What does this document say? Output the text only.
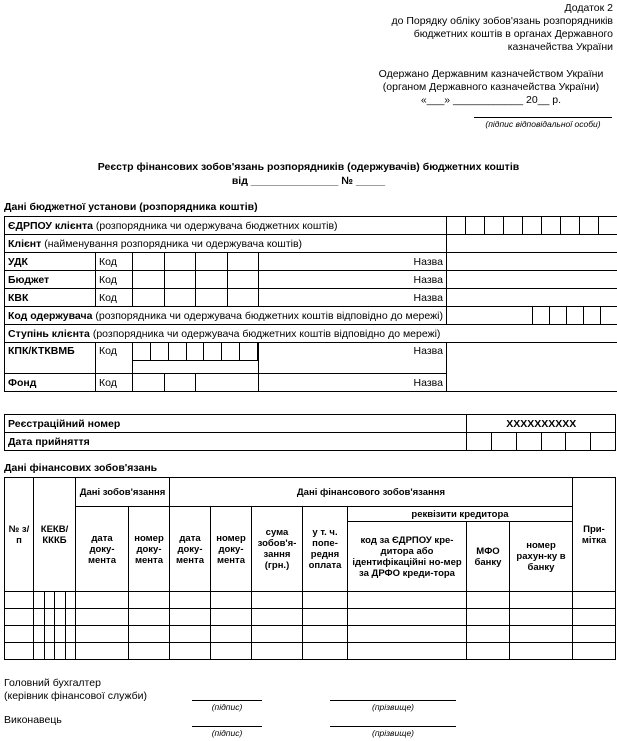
Додаток 2
до Порядку обліку зобов'язань розпорядників
бюджетних коштів в органах Державного
казначейства України
Одержано Державним казначейством України
(органом Державного казначейства України)
«___» ____________ 20__ р.
(підпис відповідальної особи)
Реєстр фінансових зобов'язань розпорядників (одержувачів) бюджетних коштів
від _______________ № _____
Дані бюджетної установи (розпорядника коштів)
ЄДРПОУ клієнта (розпорядника чи одержувача бюджетних коштів)							

Клієнт (найменування розпорядника чи одержувача коштів)							
УДК	Код					Назва	
Бюджет	Код					Назва	
КВК	Код					Назва	
Код одержувача (розпорядника чи одержувача бюджетних коштів відповідно до мережі)							

Ступінь клієнта (розпорядника чи одержувача бюджетних коштів відповідно до мережі)							
КПК/КТКВМБ	Код					Назва	
Фонд	Код					Назва	
Реєстраційний номер	XXXXXXXXXX					
Дата прийняття						
Дані фінансових зобов'язань
№ з/п	КЕКВ/ КККБ				Дані зобов'язання		Дані фінансового зобов'язання							При-мітка
					дата доку-мента	номер доку-мента	дата доку-мента	номер доку-мента	сума зобов'я-зання (грн.)	у т. ч. попе-редня оплата	реквізити кредитора			
											код за ЄДРПОУ кре-дитора або ідентифікаційні но-мер за ДРФО креди-тора	МФО банку	номер рахун-ку в банку	

Головний бухгалтер
(керівник фінансової служби)
(підпис)	(прізвище)
Виконавець
(підпис)	(прізвище)
